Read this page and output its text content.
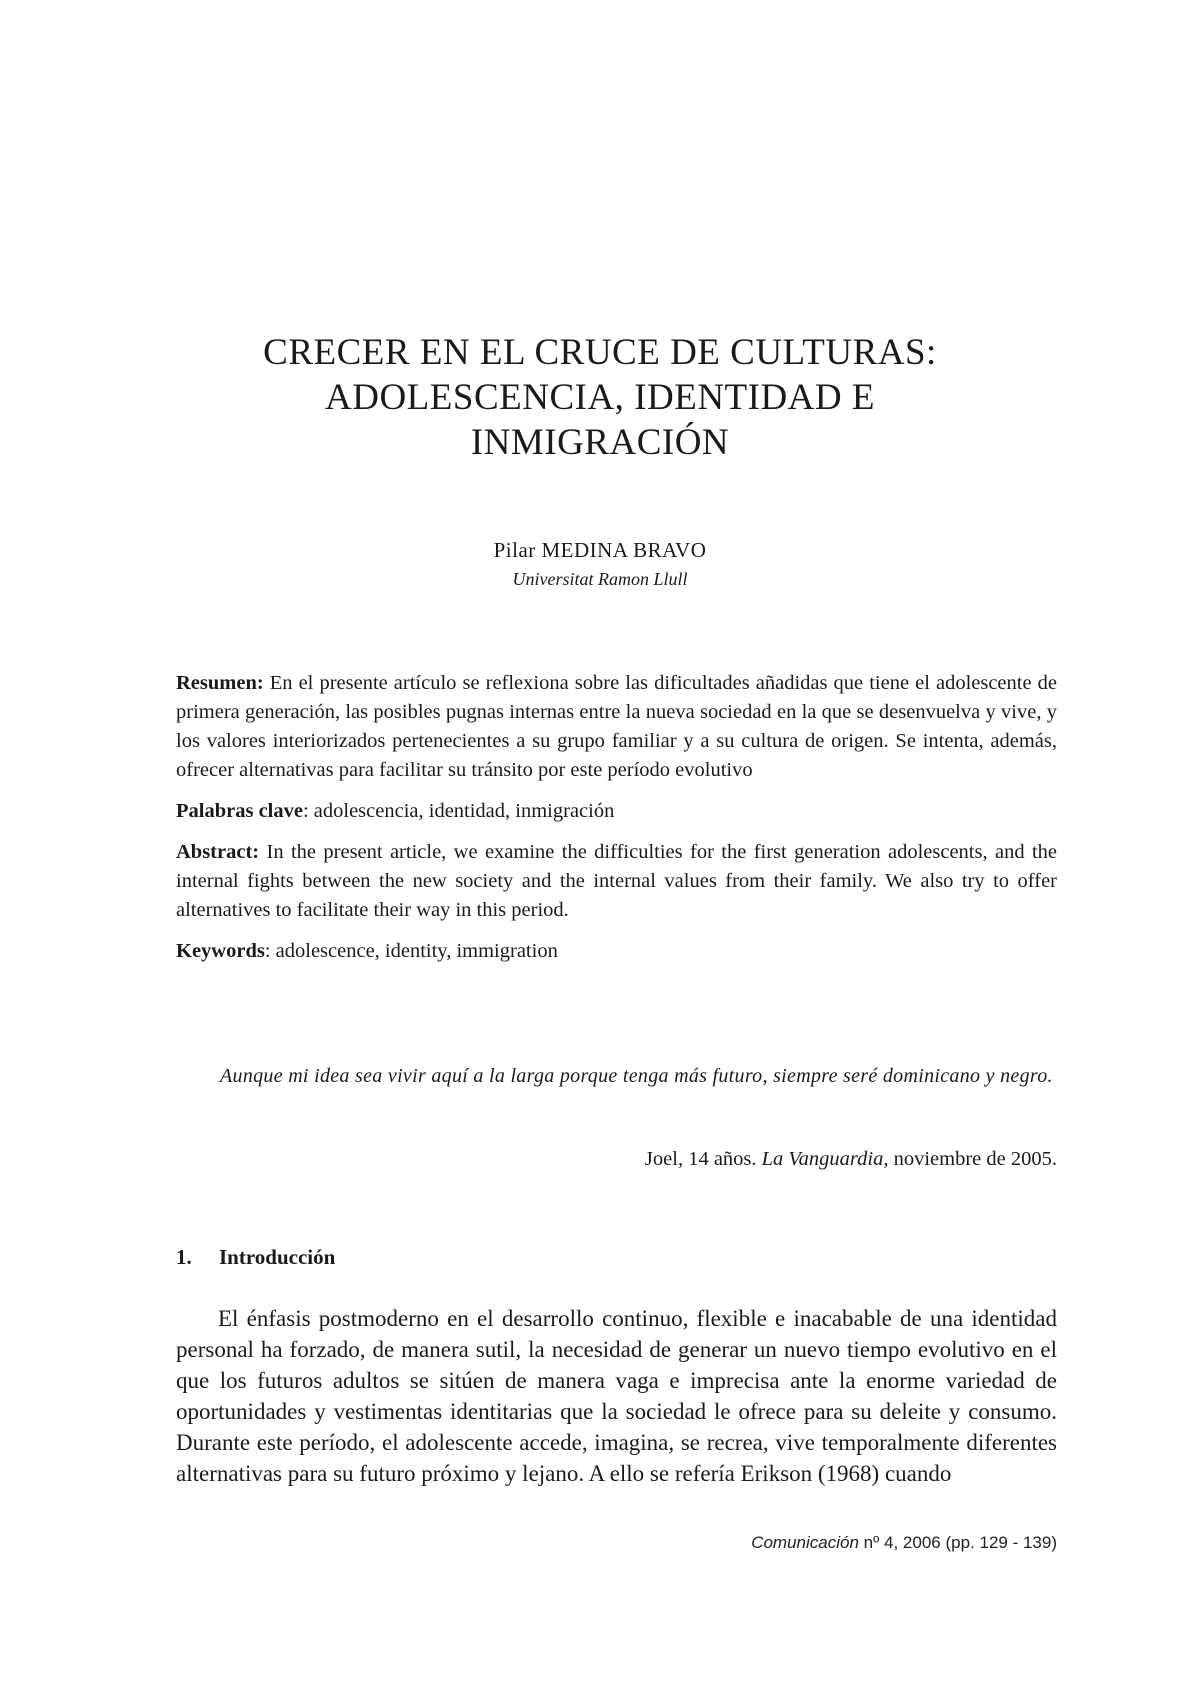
CRECER EN EL CRUCE DE CULTURAS:
ADOLESCENCIA, IDENTIDAD E
INMIGRACIÓN
Pilar MEDINA BRAVO
Universitat Ramon Llull

Resumen: En el presente artículo se reflexiona sobre las dificultades añadidas que tiene el adolescente de primera generación, las posibles pugnas internas entre la nueva sociedad en la que se desenvuelva y vive, y los valores interiorizados pertenecientes a su grupo familiar y a su cultura de origen. Se intenta, además, ofrecer alternativas para facilitar su tránsito por este período evolutivo

Palabras clave: adolescencia, identidad, inmigración

Abstract: In the present article, we examine the difficulties for the first generation adolescents, and the internal fights between the new society and the internal values from their family. We also try to offer alternatives to facilitate their way in this period.

Keywords: adolescence, identity, immigration

Aunque mi idea sea vivir aquí a la larga porque tenga más futuro, siempre seré dominicano y negro.
Joel, 14 años. La Vanguardia, noviembre de 2005.
1. Introducción

El énfasis postmoderno en el desarrollo continuo, flexible e inacabable de una identidad personal ha forzado, de manera sutil, la necesidad de generar un nuevo tiempo evolutivo en el que los futuros adultos se sitúen de manera vaga e imprecisa ante la enorme variedad de oportunidades y vestimentas identitarias que la sociedad le ofrece para su deleite y consumo. Durante este período, el adolescente accede, imagina, se recrea, vive temporalmente diferentes alternativas para su futuro próximo y lejano. A ello se refería Erikson (1968) cuando

Comunicación nº 4, 2006 (pp. 129 - 139)
